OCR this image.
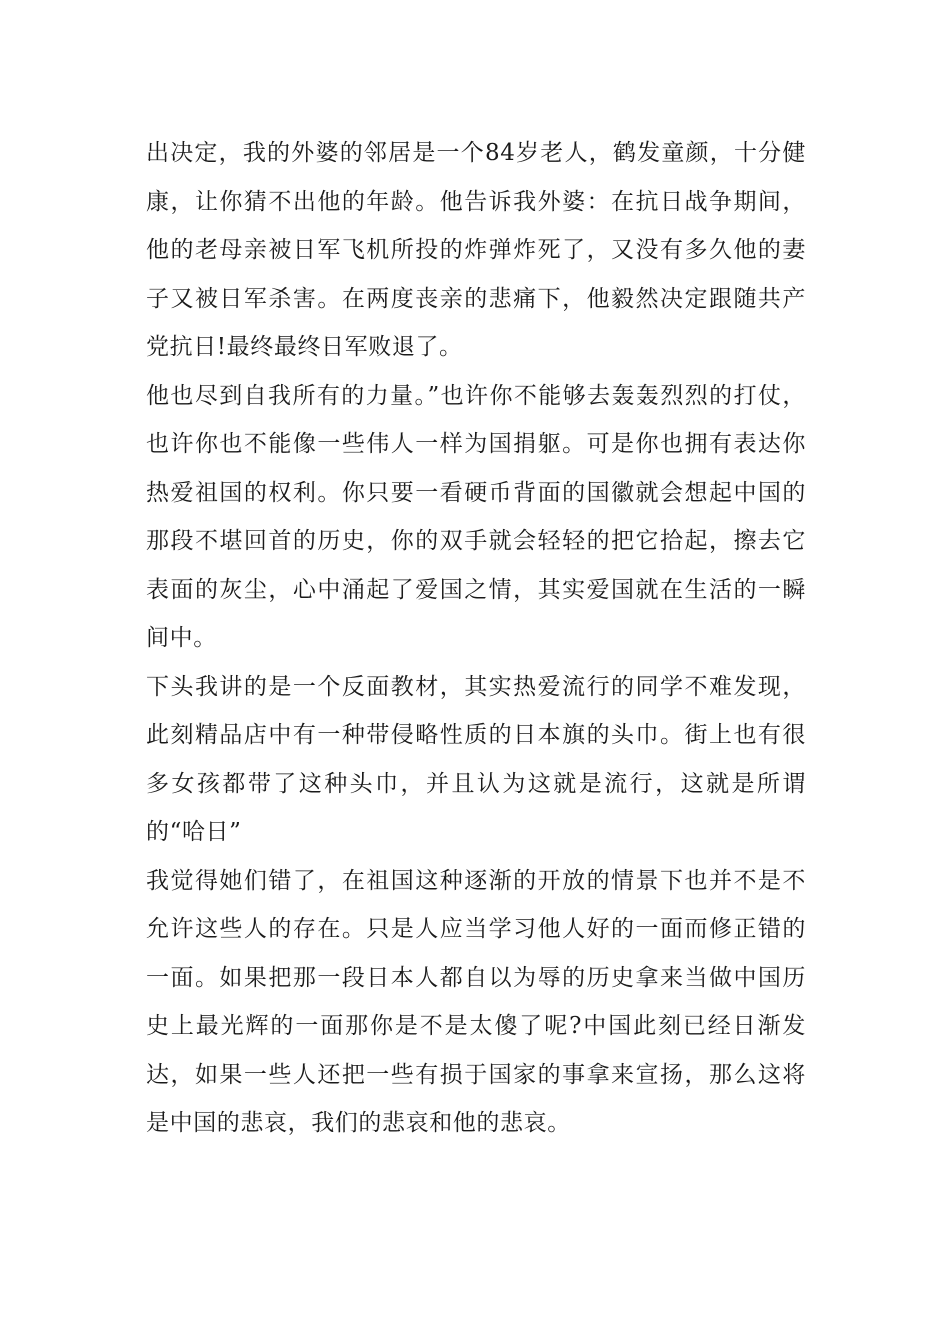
出决定，我的外婆的邻居是一个84岁老人，鹤发童颜，十分健康，让你猜不出他的年龄。他告诉我外婆：在抗日战争期间，他的老母亲被日军飞机所投的炸弹炸死了，又没有多久他的妻子又被日军杀害。在两度丧亲的悲痛下，他毅然决定跟随共产党抗日!最终最终日军败退了。

他也尽到自我所有的力量。”也许你不能够去轰轰烈烈的打仗，也许你也不能像一些伟人一样为国捐躯。可是你也拥有表达你热爱祖国的权利。你只要一看硬币背面的国徽就会想起中国的那段不堪回首的历史，你的双手就会轻轻的把它拾起，擦去它表面的灰尘，心中涌起了爱国之情，其实爱国就在生活的一瞬间中。

下头我讲的是一个反面教材，其实热爱流行的同学不难发现，此刻精品店中有一种带侵略性质的日本旗的头巾。街上也有很多女孩都带了这种头巾，并且认为这就是流行，这就是所谓的“哈日”

我觉得她们错了，在祖国这种逐渐的开放的情景下也并不是不允许这些人的存在。只是人应当学习他人好的一面而修正错的一面。如果把那一段日本人都自以为辱的历史拿来当做中国历史上最光辉的一面那你是不是太傻了呢?中国此刻已经日渐发达，如果一些人还把一些有损于国家的事拿来宣扬，那么这将是中国的悲哀，我们的悲哀和他的悲哀。
